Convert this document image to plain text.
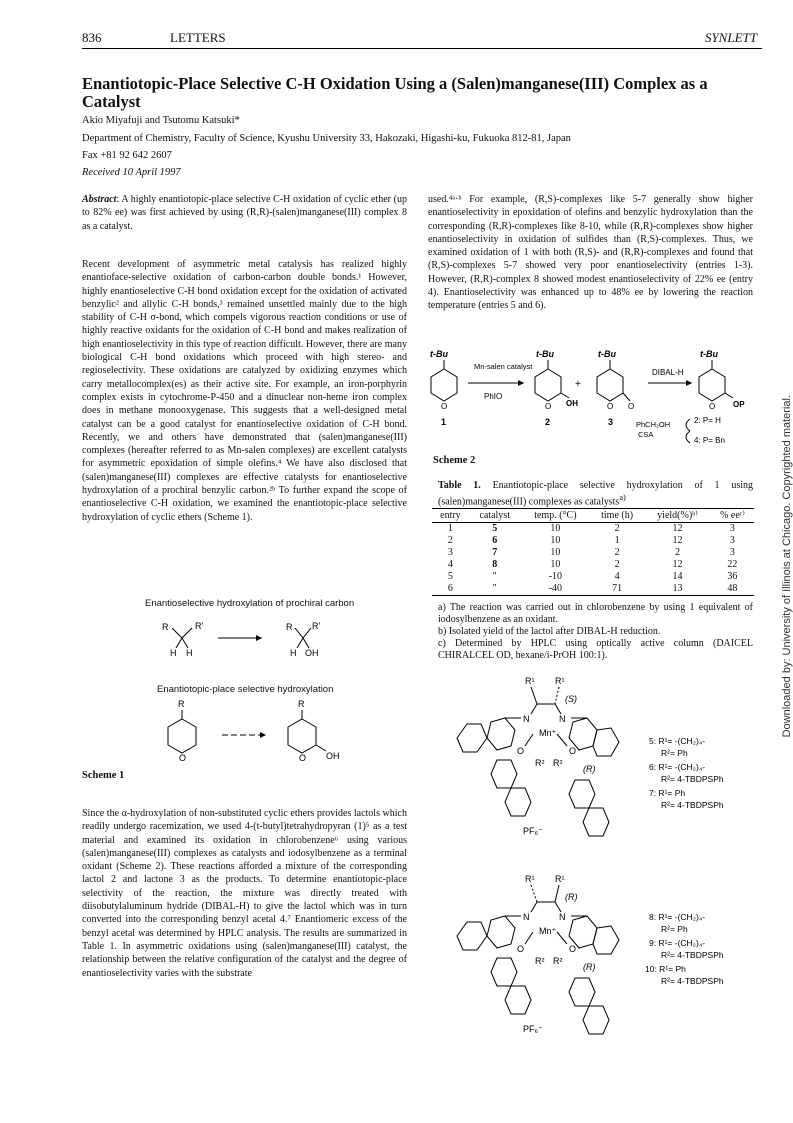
836	LETTERS	SYNLETT
Enantiotopic-Place Selective C-H Oxidation Using a (Salen)manganese(III) Complex as a Catalyst
Akio Miyafuji and Tsutomu Katsuki*
Department of Chemistry, Faculty of Science, Kyushu University 33, Hakozaki, Higashi-ku, Fukuoka 812-81, Japan
Fax +81 92 642 2607
Received 10 April 1997

Abstract: A highly enantiotopic-place selective C-H oxidation of cyclic ether (up to 82% ee) was first achieved by using (R,R)-(salen)manganese(III) complex 8 as a catalyst.

Recent development of asymmetric metal catalysis has realized highly enantioface-selective oxidation of carbon-carbon double bonds.¹ However, highly enantioselective C-H bond oxidation except for the oxidation of activated benzylic² and allylic C-H bonds,³ remained unsettled mainly due to the high stability of C-H σ-bond, which compels vigorous reaction conditions or use of highly reactive oxidants for the oxidation of C-H bond and makes realization of high enantioselectivity in this type of reaction difficult. However, there are many biological C-H bond oxidations which proceed with high stereo- and regioselectivity. These oxidations are catalyzed by oxidizing enzymes which carry metallocomplex(es) as their active site. For example, an iron-porphyrin complex exists in cytochrome-P-450 and a dinuclear non-heme iron complex does in methane monooxygenase. This suggests that a well-designed metal catalyst can be a good catalyst for enantioselective oxidation of C-H bond. Recently, we and others have demonstrated that (salen)manganese(III) complexes (hereafter referred to as Mn-salen complexes) are excellent catalysts for asymmetric epoxidation of simple olefins.⁴ We have also disclosed that (salen)manganese(III) complexes are effective catalysts for enantioselective hydroxylation of a prochiral benzylic carbon.²ᵇ To further expand the scope of enantioselective C-H oxidation, we examined the enantiotopic-place selective hydroxylation of cyclic ethers (Scheme 1).

Enantioselective hydroxylation of prochiral carbon
R	R'
H H
R R'
H OH
Enantiotopic-place selective hydroxylation
R
O
R
O OH
Scheme 1

Since the α-hydroxylation of non-substituted cyclic ethers provides lactols which readily undergo racemization, we used 4-(t-butyl)tetrahydropyran (1)⁵ as a test material and examined its oxidation in chlorobenzene⁶ using various (salen)manganese(III) complexes as catalysts and iodosylbenzene as a terminal oxidant (Scheme 2). These reactions afforded a mixture of the corresponding lactol 2 and lactone 3 as the products. To determine enantiotopic-place selectivity of the reaction, the mixture was directly treated with diisobutylaluminum hydride (DIBAL-H) to give the lactol which was in turn converted into the corresponding benzyl acetal 4.⁷ Enantiomeric excess of the benzyl acetal was determined by HPLC analysis. The results are summarized in Table 1. In asymmetric oxidations using (salen)manganese(III) catalyst, the relationship between the relative configuration of the catalyst and the degree of enantioselectivity varies with the substrate

used.⁴ᵃ·ʰ For example, (R,S)-complexes like 5-7 generally show higher enantioselectivity in epoxidation of olefins and benzylic hydroxylation than the corresponding (R,R)-complexes like 8-10, while (R,R)-complexes show higher enantioselectivity in oxidation of sulfides than (R,S)-complexes. Thus, we examined oxidation of 1 with both (R,S)- and (R,R)-complexes and found that (R,S)-complexes 5-7 showed very poor enantioselectivity (entries 1-3). However, (R,R)-complex 8 showed modest enantioselectivity of 22% ee (entry 4). Enantioselectivity was enhanced up to 48% ee by lowering the reaction temperature (entries 5 and 6).

t-Bu
O
1
Mn-salen catalyst
PhIO
t-Bu
O OH
2
+
t-Bu
O O
3
DIBAL-H
t-Bu
O OP
PhCH₂OH
CSA
2: P= H
4: P= Bn
Scheme 2
Table 1. Enantiotopic-place selective hydroxylation of 1 using (salen)manganese(III) complexes as catalysts$^{a)}$
entry	catalyst	temp. (°C)	time (h)	yield(%)ᵇ⁾	% eeᶜ⁾
1	5	10	2	12	3
2	6	10	1	12	3
3	7	10	2	2	3
4	8	10	2	12	22
5	"	-10	4	14	36
6	"	-40	71	13	48
a) The reaction was carried out in chlorobenzene by using 1 equivalent of iodosylbenzene as an oxidant.
b) Isolated yield of the lactol after DIBAL-H reduction.
c) Determined by HPLC using optically active column (DAICEL CHIRALCEL OD, hexane/i-PrOH 100:1).
R¹ R¹
(S)
N	N
Mn⁺
O	O
R² R²
(R)
PF₆⁻
5: R¹= -(CH₂)₄-
R²= Ph
6: R¹= -(CH₂)₄-
R²= 4-TBDPSPh
7: R¹= Ph
R²= 4-TBDPSPh
R¹ R¹
(R)
N	N
Mn⁺
O	O
R² R²
(R)
PF₆⁻
8: R¹= -(CH₂)₄-
R²= Ph
9: R¹= -(CH₂)₄-
R²= 4-TBDPSPh
10: R¹= Ph
R²= 4-TBDPSPh
Downloaded by: University of Illinois at Chicago. Copyrighted material.
